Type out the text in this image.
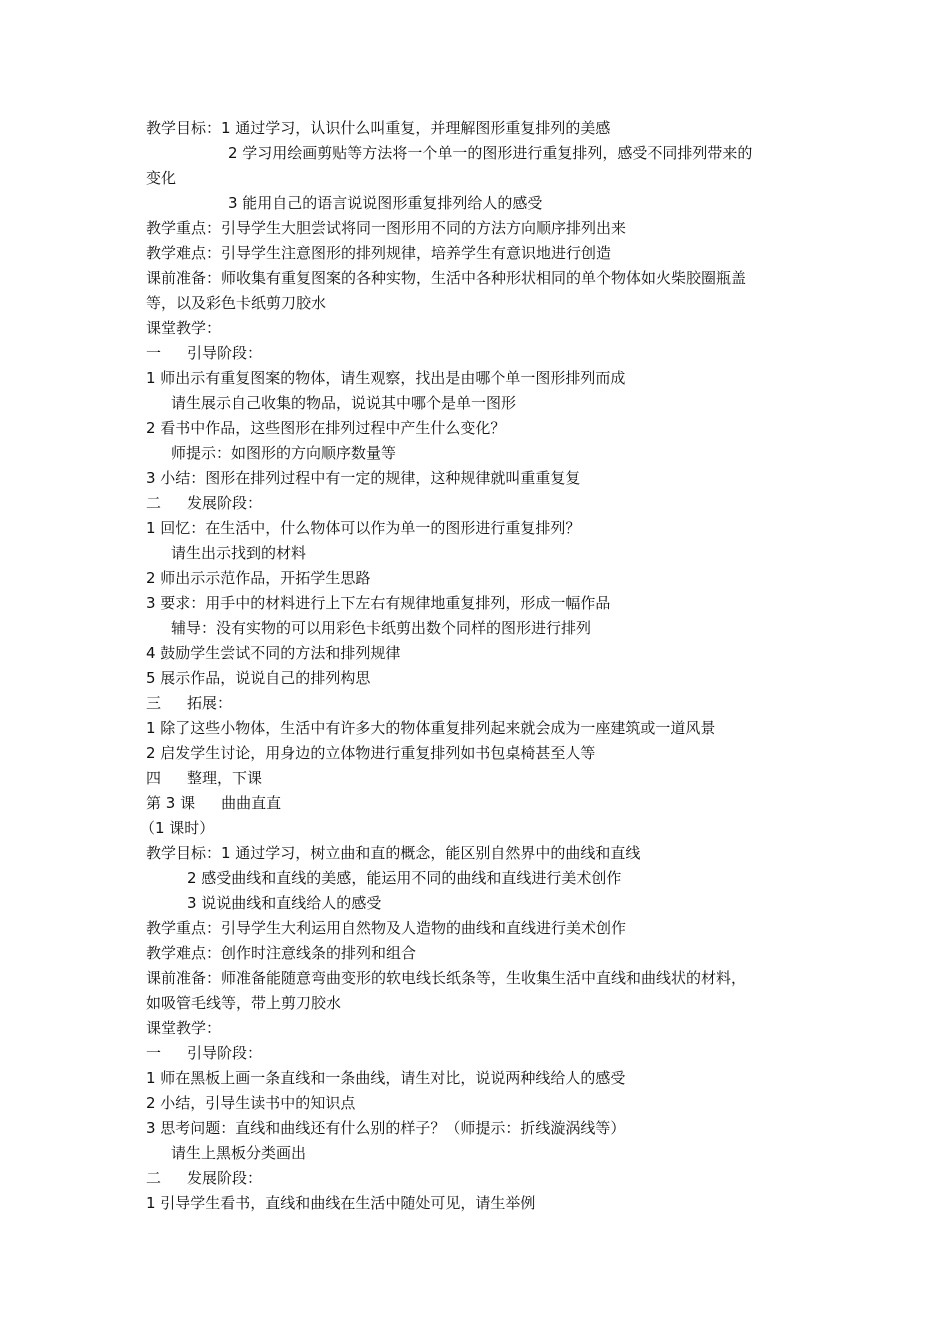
教学目标：1 通过学习，认识什么叫重复，并理解图形重复排列的美感
2 学习用绘画剪贴等方法将一个单一的图形进行重复排列，感受不同排列带来的
变化
3 能用自己的语言说说图形重复排列给人的感受
教学重点：引导学生大胆尝试将同一图形用不同的方法方向顺序排列出来
教学难点：引导学生注意图形的排列规律，培养学生有意识地进行创造
课前准备：师收集有重复图案的各种实物，生活中各种形状相同的单个物体如火柴胶圈瓶盖
等，以及彩色卡纸剪刀胶水
课堂教学：
一 引导阶段：
1 师出示有重复图案的物体，请生观察，找出是由哪个单一图形排列而成
请生展示自己收集的物品，说说其中哪个是单一图形
2 看书中作品，这些图形在排列过程中产生什么变化？
师提示：如图形的方向顺序数量等
3 小结：图形在排列过程中有一定的规律，这种规律就叫重重复复
二 发展阶段：
1 回忆：在生活中，什么物体可以作为单一的图形进行重复排列？
请生出示找到的材料
2 师出示示范作品，开拓学生思路
3 要求：用手中的材料进行上下左右有规律地重复排列，形成一幅作品
辅导：没有实物的可以用彩色卡纸剪出数个同样的图形进行排列
4 鼓励学生尝试不同的方法和排列规律
5 展示作品，说说自己的排列构思
三 拓展：
1 除了这些小物体，生活中有许多大的物体重复排列起来就会成为一座建筑或一道风景
2 启发学生讨论，用身边的立体物进行重复排列如书包桌椅甚至人等
四 整理，下课
第 3 课 曲曲直直
（1 课时）
教学目标：1 通过学习，树立曲和直的概念，能区别自然界中的曲线和直线
2 感受曲线和直线的美感，能运用不同的曲线和直线进行美术创作
3 说说曲线和直线给人的感受
教学重点：引导学生大利运用自然物及人造物的曲线和直线进行美术创作
教学难点：创作时注意线条的排列和组合
课前准备：师准备能随意弯曲变形的软电线长纸条等，生收集生活中直线和曲线状的材料，
如吸管毛线等，带上剪刀胶水
课堂教学：
一 引导阶段：
1 师在黑板上画一条直线和一条曲线，请生对比，说说两种线给人的感受
2 小结，引导生读书中的知识点
3 思考问题：直线和曲线还有什么别的样子？（师提示：折线漩涡线等）
请生上黑板分类画出
二 发展阶段：
1 引导学生看书，直线和曲线在生活中随处可见，请生举例
